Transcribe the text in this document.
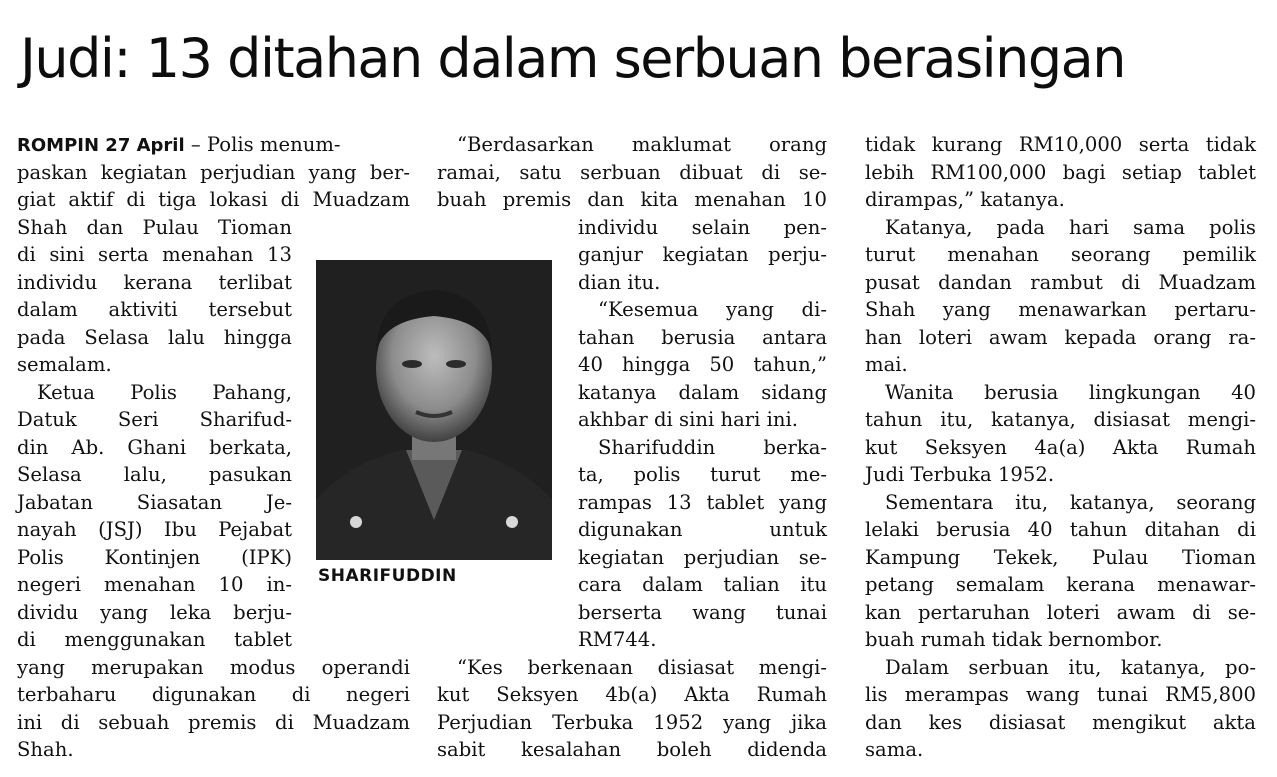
Judi: 13 ditahan dalam serbuan berasingan
ROMPIN 27 April – Polis menum-
paskan kegiatan perjudian yang ber-
giat aktif di tiga lokasi di Muadzam
Shah dan Pulau Tioman
di sini serta menahan 13
individu kerana terlibat
dalam aktiviti tersebut
pada Selasa lalu hingga
semalam.
Ketua Polis Pahang,
Datuk Seri Sharifud-
din Ab. Ghani berkata,
Selasa lalu, pasukan
Jabatan Siasatan Je-
nayah (JSJ) Ibu Pejabat
Polis Kontinjen (IPK)
negeri menahan 10 in-
dividu yang leka berju-
di menggunakan tablet
yang merupakan modus operandi
terbaharu digunakan di negeri
ini di sebuah premis di Muadzam
Shah.
“Berdasarkan maklumat orang
ramai, satu serbuan dibuat di se-
buah premis dan kita menahan 10
individu selain pen-
ganjur kegiatan perju-
dian itu.
“Kesemua yang di-
tahan berusia antara
40 hingga 50 tahun,”
katanya dalam sidang
akhbar di sini hari ini.
Sharifuddin berka-
ta, polis turut me-
rampas 13 tablet yang
digunakan untuk
kegiatan perjudian se-
cara dalam talian itu
berserta wang tunai
RM744.
“Kes berkenaan disiasat mengi-
kut Seksyen 4b(a) Akta Rumah
Perjudian Terbuka 1952 yang jika
sabit kesalahan boleh didenda
tidak kurang RM10,000 serta tidak
lebih RM100,000 bagi setiap tablet
dirampas,” katanya.
Katanya, pada hari sama polis
turut menahan seorang pemilik
pusat dandan rambut di Muadzam
Shah yang menawarkan pertaru-
han loteri awam kepada orang ra-
mai.
Wanita berusia lingkungan 40
tahun itu, katanya, disiasat mengi-
kut Seksyen 4a(a) Akta Rumah
Judi Terbuka 1952.
Sementara itu, katanya, seorang
lelaki berusia 40 tahun ditahan di
Kampung Tekek, Pulau Tioman
petang semalam kerana menawar-
kan pertaruhan loteri awam di se-
buah rumah tidak bernombor.
Dalam serbuan itu, katanya, po-
lis merampas wang tunai RM5,800
dan kes disiasat mengikut akta
sama.

SHARIFUDDIN
